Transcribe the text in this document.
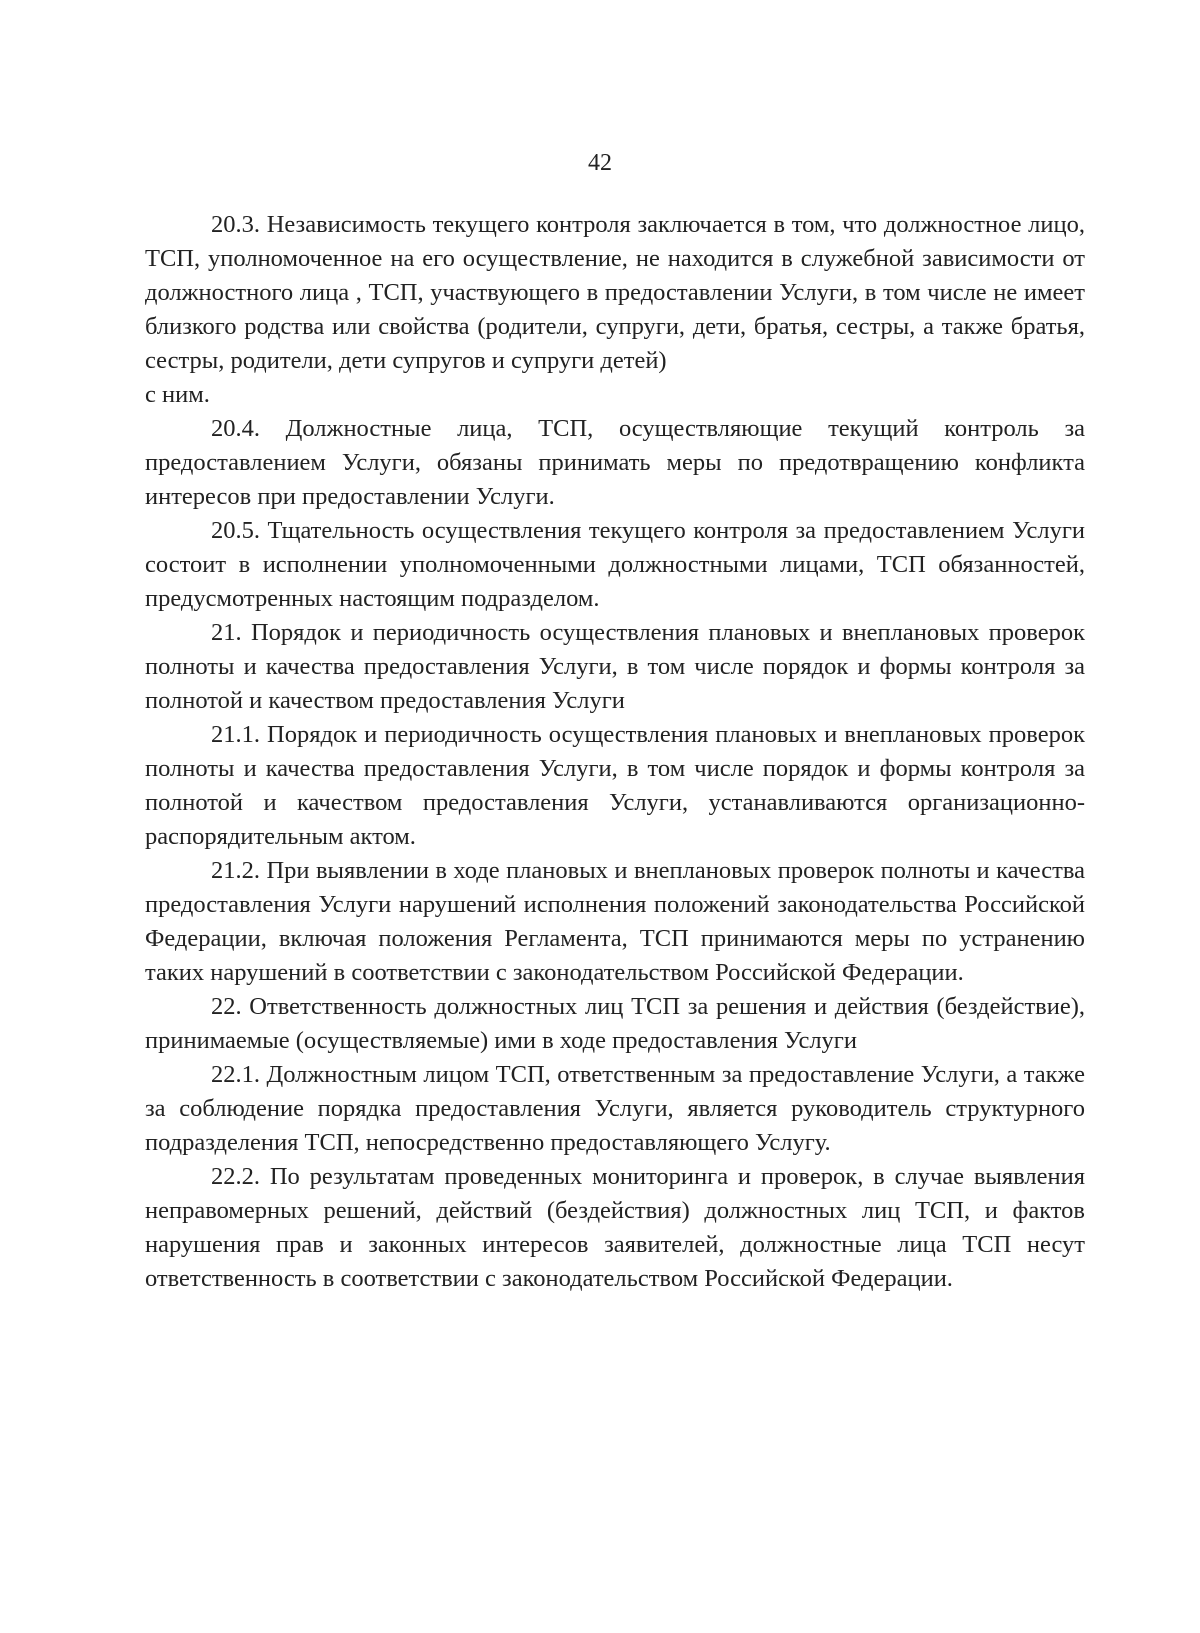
42

20.3. Независимость текущего контроля заключается в том, что должностное лицо, ТСП, уполномоченное на его осуществление, не находится в служебной зависимости от должностного лица , ТСП, участвующего в предоставлении Услуги, в том числе не имеет близкого родства или свойства (родители, супруги, дети, братья, сестры, а также братья, сестры, родители, дети супругов и супруги детей)

с ним.

20.4. Должностные лица, ТСП, осуществляющие текущий контроль за предоставлением Услуги, обязаны принимать меры по предотвращению конфликта интересов при предоставлении Услуги.

20.5. Тщательность осуществления текущего контроля за предоставлением Услуги состоит в исполнении уполномоченными должностными лицами, ТСП обязанностей, предусмотренных настоящим подразделом.

21. Порядок и периодичность осуществления плановых и внеплановых проверок полноты и качества предоставления Услуги, в том числе порядок и формы контроля за полнотой и качеством предоставления Услуги

21.1. Порядок и периодичность осуществления плановых и внеплановых проверок полноты и качества предоставления Услуги, в том числе порядок и формы контроля за полнотой и качеством предоставления Услуги, устанавливаются организационно-распорядительным актом.

21.2. При выявлении в ходе плановых и внеплановых проверок полноты и качества предоставления Услуги нарушений исполнения положений законодательства Российской Федерации, включая положения Регламента, ТСП принимаются меры по устранению таких нарушений в соответствии с законодательством Российской Федерации.

22. Ответственность должностных лиц ТСП за решения и действия (бездействие), принимаемые (осуществляемые) ими в ходе предоставления Услуги

22.1. Должностным лицом ТСП, ответственным за предоставление Услуги, а также за соблюдение порядка предоставления Услуги, является руководитель структурного подразделения ТСП, непосредственно предоставляющего Услугу.

22.2. По результатам проведенных мониторинга и проверок, в случае выявления неправомерных решений, действий (бездействия) должностных лиц ТСП, и фактов нарушения прав и законных интересов заявителей, должностные лица ТСП несут ответственность в соответствии с законодательством Российской Федерации.
